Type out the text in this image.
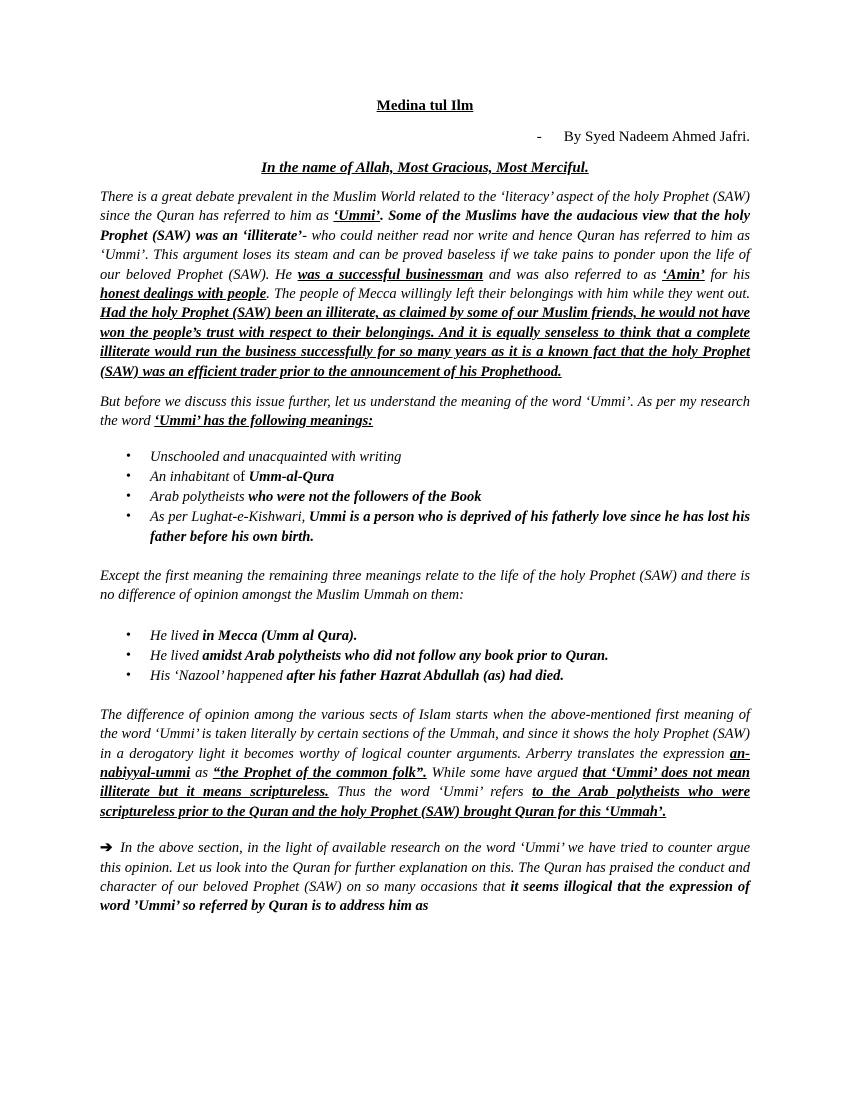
Medina tul Ilm
- By Syed Nadeem Ahmed Jafri.
In the name of Allah, Most Gracious, Most Merciful.

There is a great debate prevalent in the Muslim World related to the ‘literacy’ aspect of the holy Prophet (SAW) since the Quran has referred to him as ‘Ummi’. Some of the Muslims have the audacious view that the holy Prophet (SAW) was an ‘illiterate’- who could neither read nor write and hence Quran has referred to him as ‘Ummi’. This argument loses its steam and can be proved baseless if we take pains to ponder upon the life of our beloved Prophet (SAW). He was a successful businessman and was also referred to as ‘Amin’ for his honest dealings with people. The people of Mecca willingly left their belongings with him while they went out. Had the holy Prophet (SAW) been an illiterate, as claimed by some of our Muslim friends, he would not have won the people’s trust with respect to their belongings. And it is equally senseless to think that a complete illiterate would run the business successfully for so many years as it is a known fact that the holy Prophet (SAW) was an efficient trader prior to the announcement of his Prophethood.

But before we discuss this issue further, let us understand the meaning of the word ‘Ummi’. As per my research the word ‘Ummi’ has the following meanings:

• Unschooled and unacquainted with writing
• An inhabitant of Umm-al-Qura
• Arab polytheists who were not the followers of the Book
• As per Lughat-e-Kishwari, Ummi is a person who is deprived of his fatherly love since he has lost his father before his own birth.

Except the first meaning the remaining three meanings relate to the life of the holy Prophet (SAW) and there is no difference of opinion amongst the Muslim Ummah on them:

• He lived in Mecca (Umm al Qura).
• He lived amidst Arab polytheists who did not follow any book prior to Quran.
• His ‘Nazool’ happened after his father Hazrat Abdullah (as) had died.

The difference of opinion among the various sects of Islam starts when the above-mentioned first meaning of the word ‘Ummi’ is taken literally by certain sections of the Ummah, and since it shows the holy Prophet (SAW) in a derogatory light it becomes worthy of logical counter arguments. Arberry translates the expression an-nabiyyal-ummi as “the Prophet of the common folk”. While some have argued that ‘Ummi’ does not mean illiterate but it means scriptureless. Thus the word ‘Ummi’ refers to the Arab polytheists who were scriptureless prior to the Quran and the holy Prophet (SAW) brought Quran for this ‘Ummah’.

➔ In the above section, in the light of available research on the word ‘Ummi’ we have tried to counter argue this opinion. Let us look into the Quran for further explanation on this. The Quran has praised the conduct and character of our beloved Prophet (SAW) on so many occasions that it seems illogical that the expression of word ’Ummi’ so referred by Quran is to address him as
